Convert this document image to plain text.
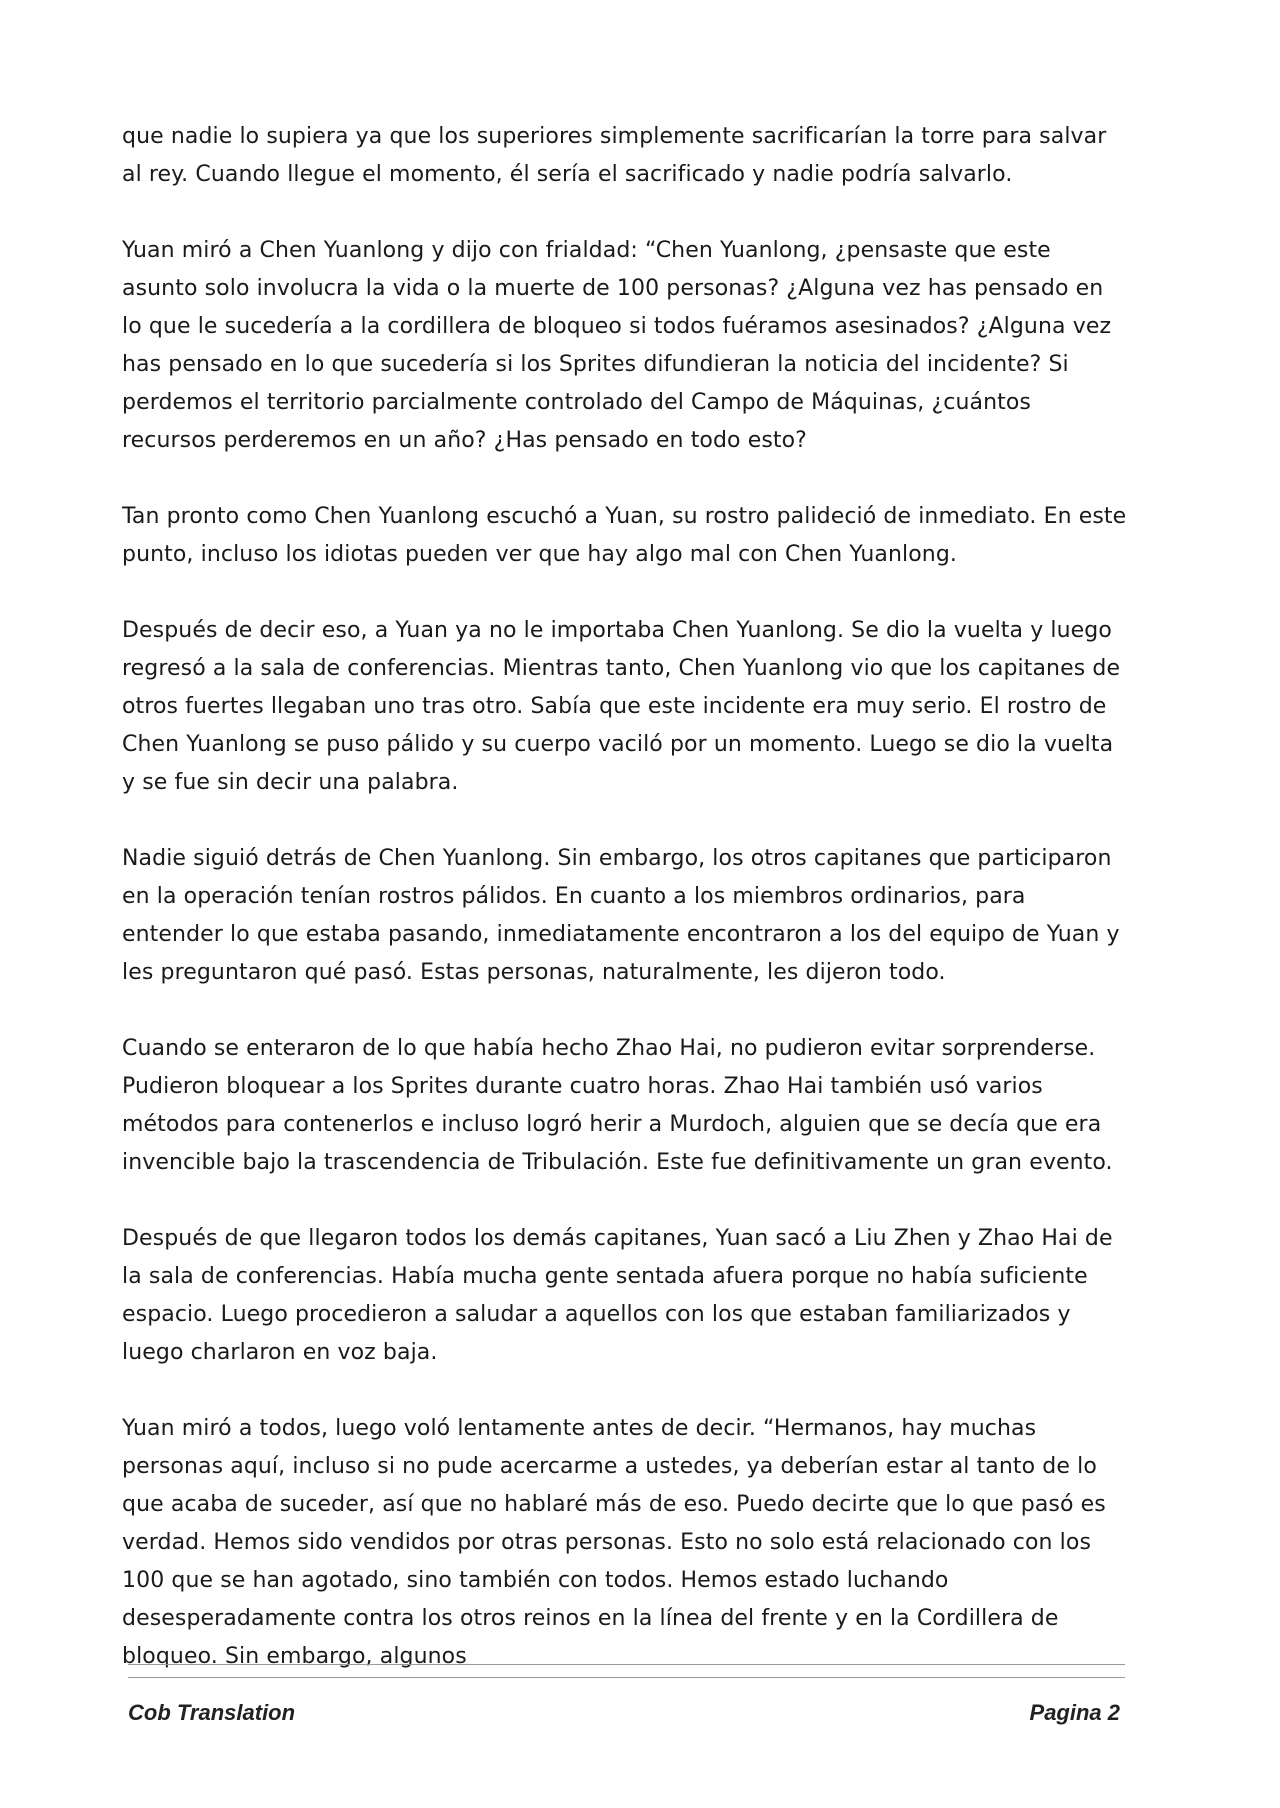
que nadie lo supiera ya que los superiores simplemente sacrificarían la torre para salvar al rey. Cuando llegue el momento, él sería el sacrificado y nadie podría salvarlo.

Yuan miró a Chen Yuanlong y dijo con frialdad: “Chen Yuanlong, ¿pensaste que este asunto solo involucra la vida o la muerte de 100 personas? ¿Alguna vez has pensado en lo que le sucedería a la cordillera de bloqueo si todos fuéramos asesinados? ¿Alguna vez has pensado en lo que sucedería si los Sprites difundieran la noticia del incidente? Si perdemos el territorio parcialmente controlado del Campo de Máquinas, ¿cuántos recursos perderemos en un año? ¿Has pensado en todo esto?

Tan pronto como Chen Yuanlong escuchó a Yuan, su rostro palideció de inmediato. En este punto, incluso los idiotas pueden ver que hay algo mal con Chen Yuanlong.

Después de decir eso, a Yuan ya no le importaba Chen Yuanlong. Se dio la vuelta y luego regresó a la sala de conferencias. Mientras tanto, Chen Yuanlong vio que los capitanes de otros fuertes llegaban uno tras otro. Sabía que este incidente era muy serio. El rostro de Chen Yuanlong se puso pálido y su cuerpo vaciló por un momento. Luego se dio la vuelta y se fue sin decir una palabra.

Nadie siguió detrás de Chen Yuanlong. Sin embargo, los otros capitanes que participaron en la operación tenían rostros pálidos. En cuanto a los miembros ordinarios, para entender lo que estaba pasando, inmediatamente encontraron a los del equipo de Yuan y les preguntaron qué pasó. Estas personas, naturalmente, les dijeron todo.

Cuando se enteraron de lo que había hecho Zhao Hai, no pudieron evitar sorprenderse. Pudieron bloquear a los Sprites durante cuatro horas. Zhao Hai también usó varios métodos para contenerlos e incluso logró herir a Murdoch, alguien que se decía que era invencible bajo la trascendencia de Tribulación. Este fue definitivamente un gran evento.

Después de que llegaron todos los demás capitanes, Yuan sacó a Liu Zhen y Zhao Hai de la sala de conferencias. Había mucha gente sentada afuera porque no había suficiente espacio. Luego procedieron a saludar a aquellos con los que estaban familiarizados y luego charlaron en voz baja.

Yuan miró a todos, luego voló lentamente antes de decir. “Hermanos, hay muchas personas aquí, incluso si no pude acercarme a ustedes, ya deberían estar al tanto de lo que acaba de suceder, así que no hablaré más de eso. Puedo decirte que lo que pasó es verdad. Hemos sido vendidos por otras personas. Esto no solo está relacionado con los 100 que se han agotado, sino también con todos. Hemos estado luchando desesperadamente contra los otros reinos en la línea del frente y en la Cordillera de bloqueo. Sin embargo, algunos

Cob Translation	Pagina 2
